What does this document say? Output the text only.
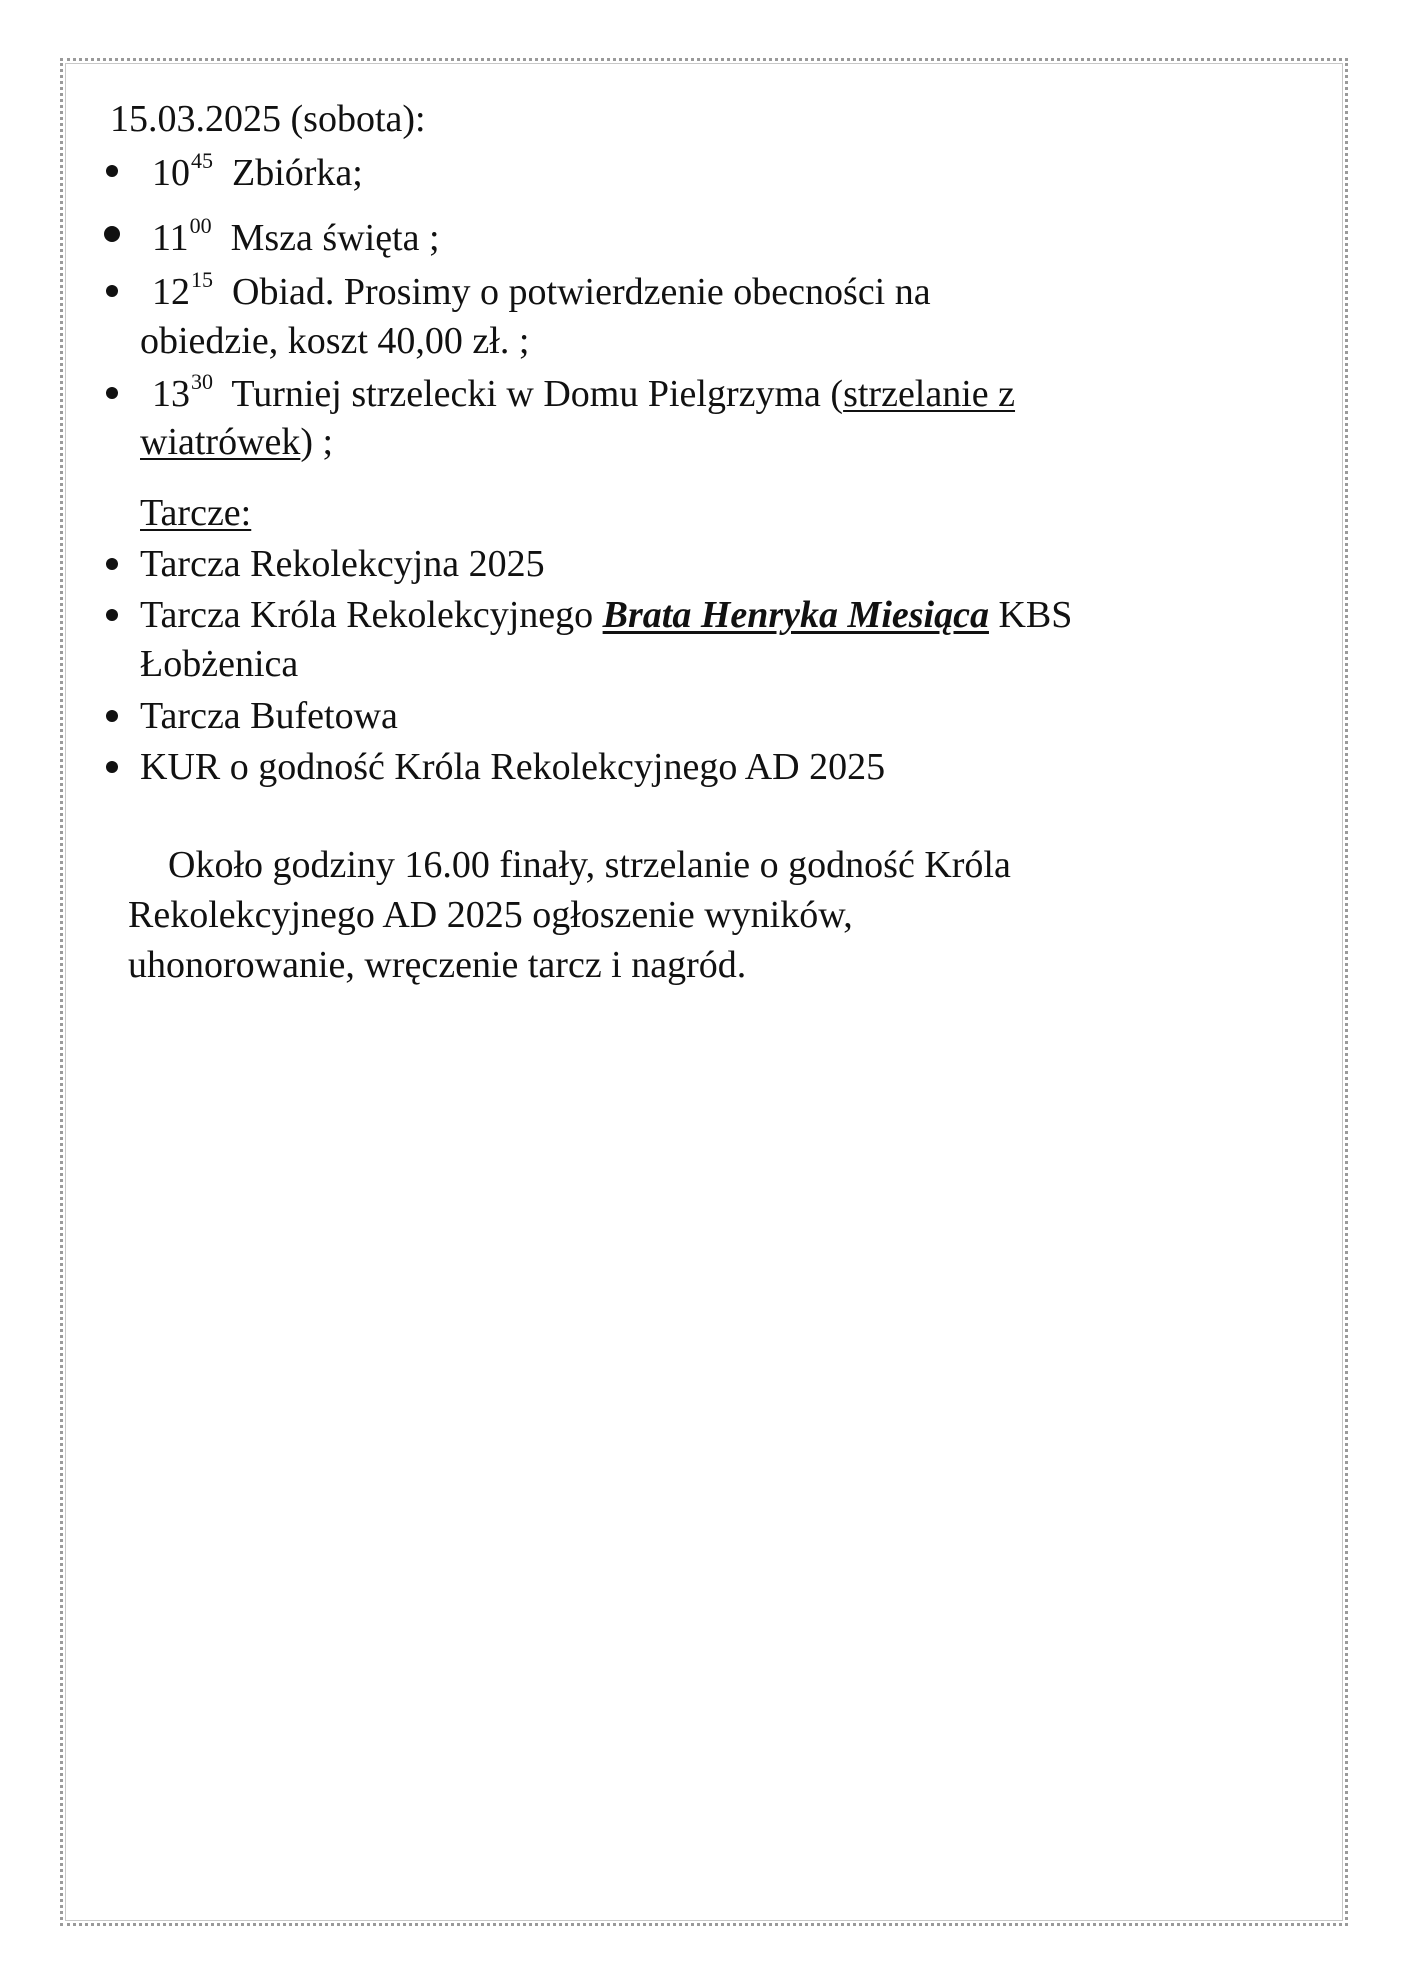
15.03.2025 (sobota):
$10^{45}$ Zbiórka;
$11^{00}$ Msza święta ;
$12^{15}$ Obiad. Prosimy o potwierdzenie obecności na
obiedzie, koszt 40,00 zł. ;
$13^{30}$ Turniej strzelecki w Domu Pielgrzyma (strzelanie z
wiatrówek) ;
Tarcze:
Tarcza Rekolekcyjna 2025
Tarcza Króla Rekolekcyjnego Brata Henryka Miesiąca KBS
Łobżenica
Tarcza Bufetowa
KUR o godność Króla Rekolekcyjnego AD 2025
Około godziny 16.00 finały, strzelanie o godność Króla
Rekolekcyjnego AD 2025 ogłoszenie wyników,
uhonorowanie, wręczenie tarcz i nagród.
